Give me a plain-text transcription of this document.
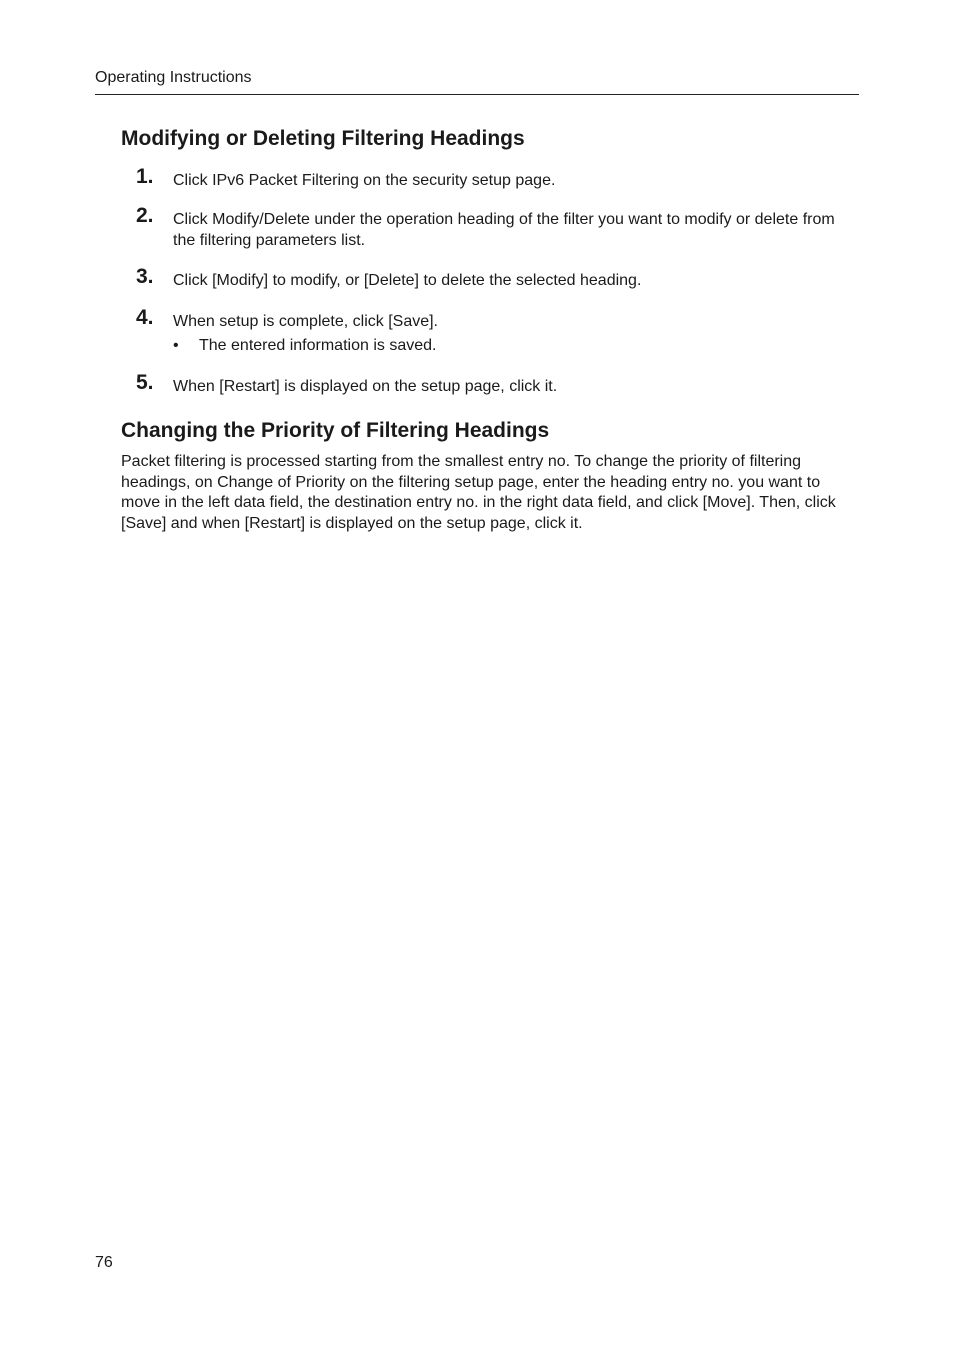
Operating Instructions
Modifying or Deleting Filtering Headings
1. Click IPv6 Packet Filtering on the security setup page.
2. Click Modify/Delete under the operation heading of the filter you want to modify or delete from the filtering parameters list.
3. Click [Modify] to modify, or [Delete] to delete the selected heading.
4. When setup is complete, click [Save].
• The entered information is saved.
5. When [Restart] is displayed on the setup page, click it.
Changing the Priority of Filtering Headings

Packet filtering is processed starting from the smallest entry no. To change the priority of filtering headings, on Change of Priority on the filtering setup page, enter the heading entry no. you want to move in the left data field, the destination entry no. in the right data field, and click [Move]. Then, click [Save] and when [Restart] is displayed on the setup page, click it.

76
